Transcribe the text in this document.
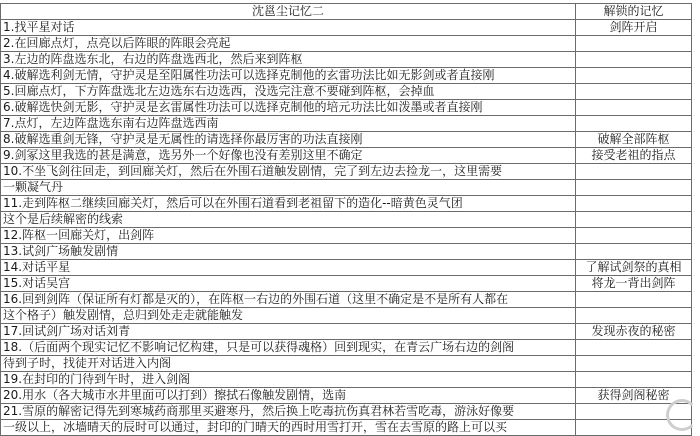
沈邕尘记忆二	解锁的记忆
1.找平星对话	剑阵开启
2.在回廊点灯，点亮以后阵眼的阵眼会亮起	
3.左边的阵盘选东北，右边的阵盘选西北，然后来到阵枢	
4.破解选利剑无情，守护灵是至阳属性功法可以选择克制他的玄雷功法比如无影剑或者直接刚	
5.回廊点灯，下方阵盘选北左边选东右边选西，没选完注意不要碰到阵枢，会掉血	
6.破解选快剑无影，守护灵是玄雷属性功法可以选择克制他的培元功法比如泼墨或者直接刚	
7.点灯，左边阵盘选东南右边阵盘选西南	
8.破解选重剑无锋，守护灵是无属性的请选择你最厉害的功法直接刚	破解全部阵枢
9.剑冢这里我选的甚是满意，选另外一个好像也没有差别这里不确定	接受老祖的指点
10.不坐飞剑往回走，到回廊关灯，然后在外围石道触发剧情，完了到左边去捡龙一，这里需要	
一颗凝气丹	
11.走到阵枢二继续回廊关灯，然后可以在外围石道看到老祖留下的造化--暗黄色灵气团	
这个是后续解密的线索	
12.阵枢一回廊关灯，出剑阵	
13.试剑广场触发剧情	
14.对话平星	了解试剑祭的真相
15.对话吴宫	将龙一背出剑阵
16.回到剑阵（保证所有灯都是灭的），在阵枢一右边的外围石道（这里不确定是不是所有人都在	
这个格子）触发剧情，总归到处走走就能触发	
17.回试剑广场对话刘青	发现赤夜的秘密
18.（后面两个现实记忆不影响记忆构建，只是可以获得魂格）回到现实，在青云广场右边的剑阁	
待到子时，找徒开对话进入内阁	
19.在封印的门待到午时，进入剑阁	
20.用水（各大城市水井里面可以打到）擦拭石像触发剧情，选南	获得剑阁秘密
21.雪原的解密记得先到寒城药商那里买避寒丹，然后换上吃毒抗伤真君林若雪吃毒，游泳好像要	
一级以上，冰墙晴天的辰时可以通过，封印的门晴天的西时用雪打开，雪在去雪原的路上可以买	
